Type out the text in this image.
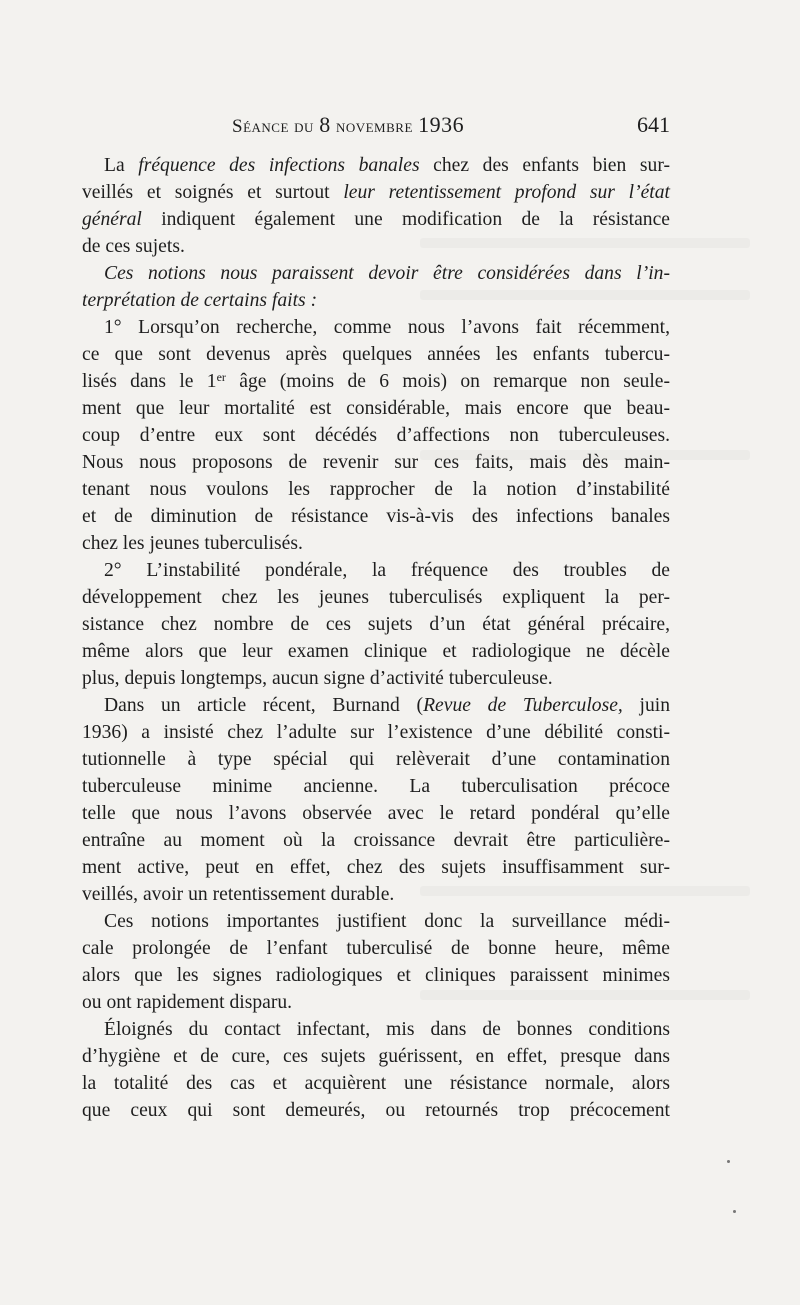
Séance du 8 novembre 1936	641
La fréquence des infections banales chez des enfants bien sur-
veillés et soignés et surtout leur retentissement profond sur l’état
général indiquent également une modification de la résistance
de ces sujets.
Ces notions nous paraissent devoir être considérées dans l’in-
terprétation de certains faits :
1° Lorsqu’on recherche, comme nous l’avons fait récemment,
ce que sont devenus après quelques années les enfants tubercu-
lisés dans le 1er âge (moins de 6 mois) on remarque non seule-
ment que leur mortalité est considérable, mais encore que beau-
coup d’entre eux sont décédés d’affections non tuberculeuses.
Nous nous proposons de revenir sur ces faits, mais dès main-
tenant nous voulons les rapprocher de la notion d’instabilité
et de diminution de résistance vis-à-vis des infections banales
chez les jeunes tuberculisés.
2° L’instabilité pondérale, la fréquence des troubles de
développement chez les jeunes tuberculisés expliquent la per-
sistance chez nombre de ces sujets d’un état général précaire,
même alors que leur examen clinique et radiologique ne décèle
plus, depuis longtemps, aucun signe d’activité tuberculeuse.
Dans un article récent, Burnand (Revue de Tuberculose, juin
1936) a insisté chez l’adulte sur l’existence d’une débilité consti-
tutionnelle à type spécial qui relèverait d’une contamination
tuberculeuse minime ancienne. La tuberculisation précoce
telle que nous l’avons observée avec le retard pondéral qu’elle
entraîne au moment où la croissance devrait être particulière-
ment active, peut en effet, chez des sujets insuffisamment sur-
veillés, avoir un retentissement durable.
Ces notions importantes justifient donc la surveillance médi-
cale prolongée de l’enfant tuberculisé de bonne heure, même
alors que les signes radiologiques et cliniques paraissent minimes
ou ont rapidement disparu.
Éloignés du contact infectant, mis dans de bonnes conditions
d’hygiène et de cure, ces sujets guérissent, en effet, presque dans
la totalité des cas et acquièrent une résistance normale, alors
que ceux qui sont demeurés, ou retournés trop précocement
